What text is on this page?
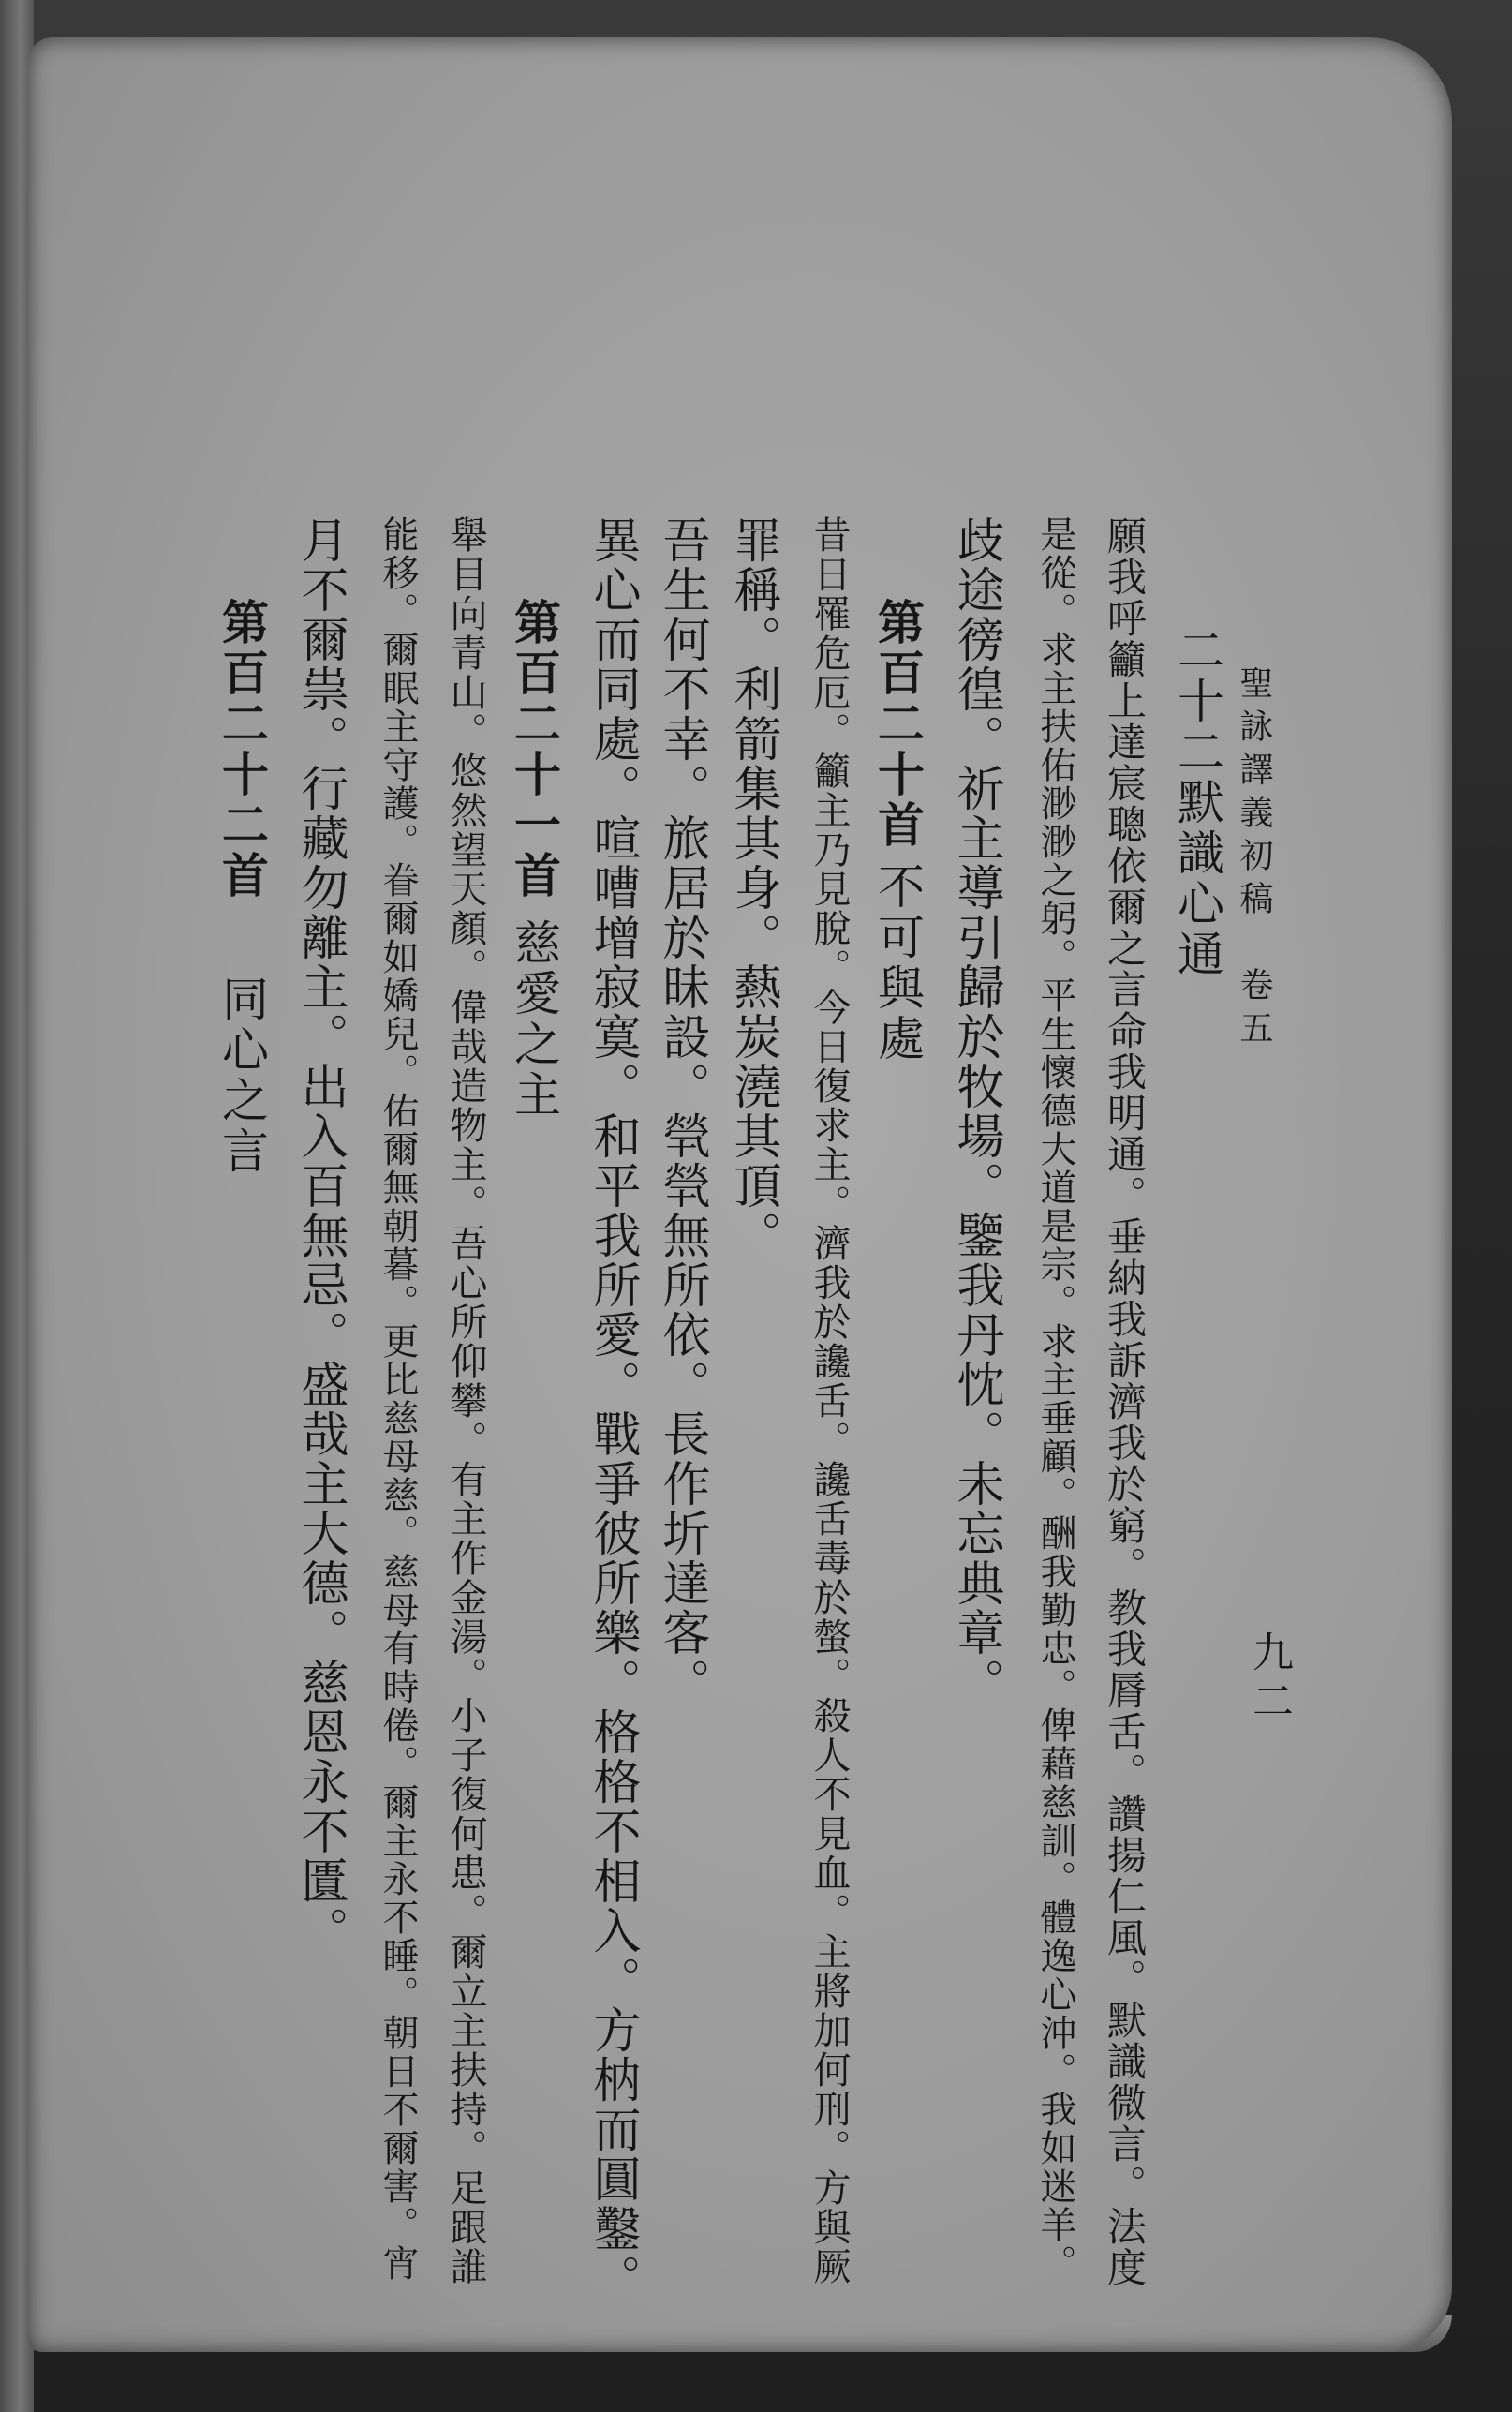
聖詠譯義初稿　卷五
九二
二十二默識心通
願我呼籲上達宸聰依爾之言命我明通。垂納我訴濟我於窮。教我脣舌。讚揚仁風。默識微言。法度
是從。求主扶佑渺渺之躬。平生懷德大道是宗。求主垂顧。酬我勤忠。俾藉慈訓。體逸心沖。我如迷羊。
歧途徬徨。祈主導引歸於牧場。鑒我丹忱。未忘典章。
第百二十首
不可與處
昔日罹危厄。籲主乃見脫。今日復求主。濟我於讒舌。讒舌毒於螫。殺人不見血。主將加何刑。方與厥
罪稱。利箭集其身。爇炭澆其頂。
吾生何不幸。旅居於昧設。煢煢無所依。長作圻達客。
異心而同處。喧嘈增寂寞。和平我所愛。戰爭彼所樂。格格不相入。方枘而圓鑿。
第百二十一首
慈愛之主
舉目向青山。悠然望天顏。偉哉造物主。吾心所仰攀。有主作金湯。小子復何患。爾立主扶持。足跟誰
能移。爾眠主守護。眷爾如嬌兒。佑爾無朝暮。更比慈母慈。慈母有時倦。爾主永不睡。朝日不爾害。宵
月不爾祟。行藏勿離主。出入百無忌。盛哉主大德。慈恩永不匱。
第百二十二首
同心之言
